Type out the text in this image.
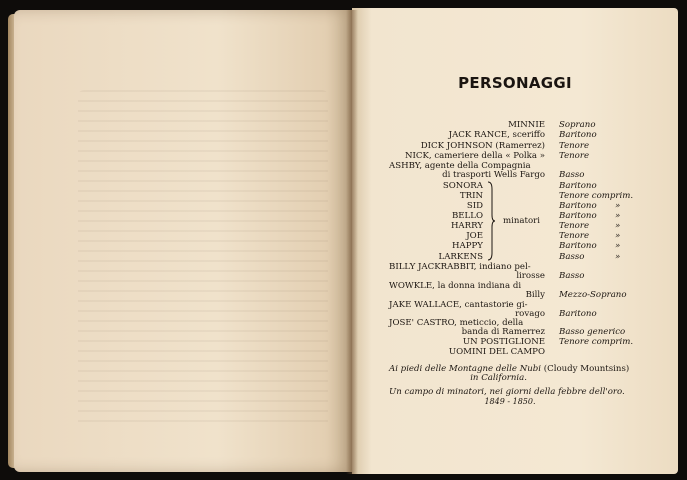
PERSONAGGI
MINNIE Soprano
JACK RANCE, sceriffo Baritono
DICK JOHNSON (Ramerrez) Tenore
NICK, cameriere della « Polka » Tenore
ASHBY, agente della Compagnia
di trasporti Wells Fargo Basso
SONORA	Baritono
TRIN	Tenore comprim.
SID	Baritono »
BELLO	Baritono »
HARRY	Tenore	»
JOE	Tenore	»
HAPPY	Baritono »
LARKENS	Basso	»
minatori
BILLY JACKRABBIT, indiano pel-
lirosse Basso
WOWKLE, la donna indiana di
Billy Mezzo-Soprano
JAKE WALLACE, cantastorie gi-
rovago Baritono
JOSE' CASTRO, meticcio, della
banda di Ramerrez Basso generico
UN POSTIGLIONE Tenore comprim.
UOMINI DEL CAMPO
Ai piedi delle Montagne delle Nubi (Cloudy Mountsins)
in California.
Un campo di minatori, nei giorni della febbre dell'oro.
1849 - 1850.
